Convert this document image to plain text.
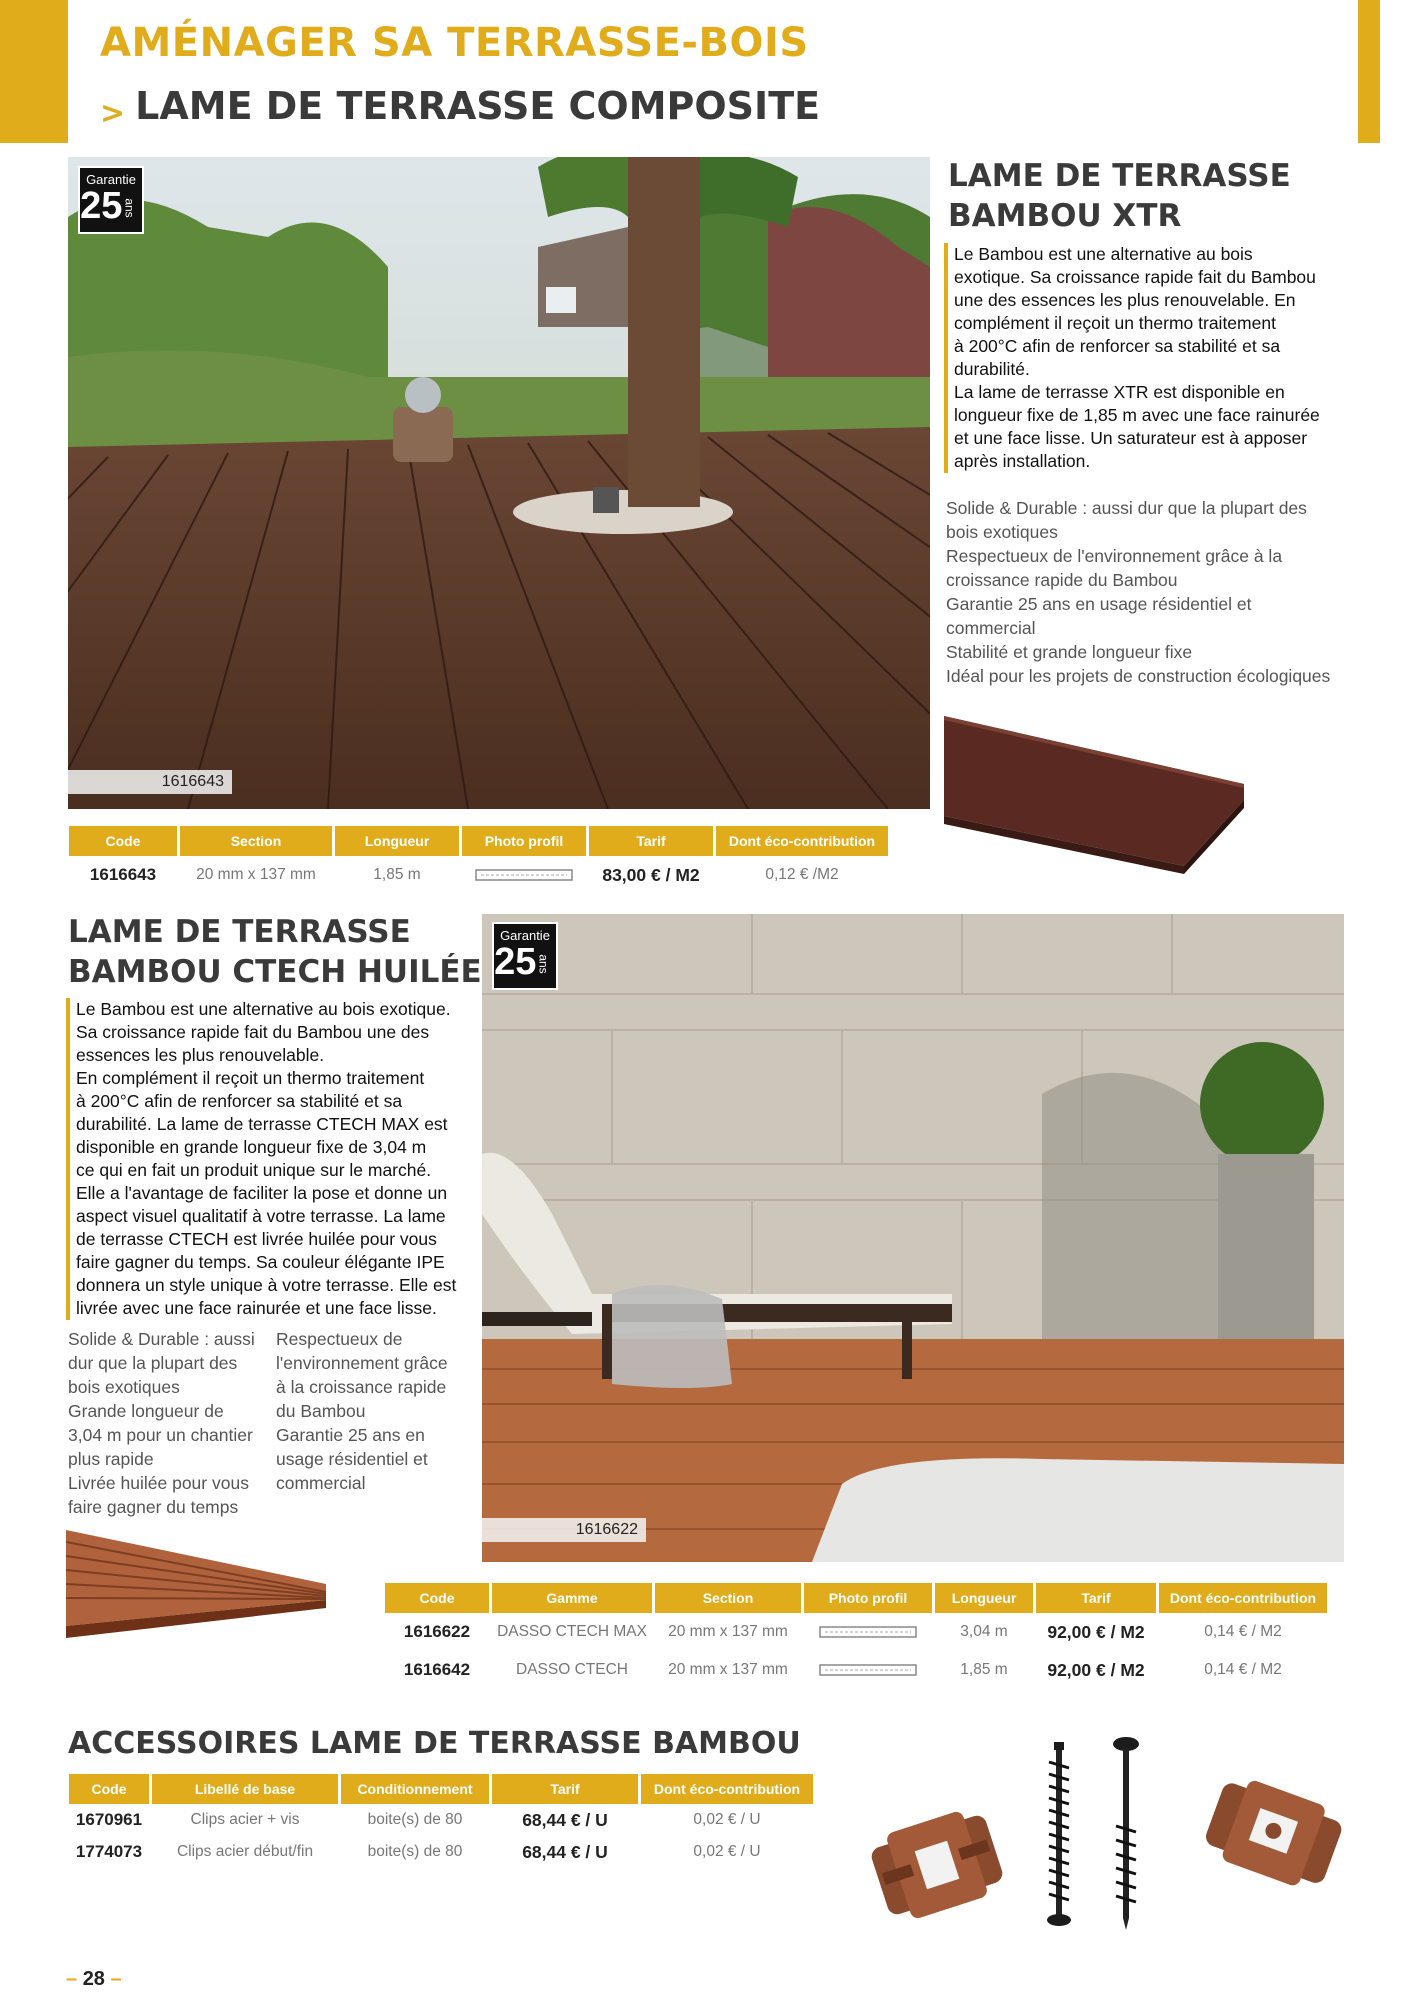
AMÉNAGER SA TERRASSE-BOIS
> LAME DE TERRASSE COMPOSITE
Garantie
25ans
1616643
LAME DE TERRASSE
BAMBOU XTR

Le Bambou est une alternative au bois

exotique. Sa croissance rapide fait du Bambou

une des essences les plus renouvelable. En

complément il reçoit un thermo traitement

à 200°C afin de renforcer sa stabilité et sa

durabilité.

La lame de terrasse XTR est disponible en

longueur fixe de 1,85 m avec une face rainurée

et une face lisse. Un saturateur est à apposer

après installation.

Solide & Durable : aussi dur que la plupart des
bois exotiques
Respectueux de l'environnement grâce à la
croissance rapide du Bambou
Garantie 25 ans en usage résidentiel et
commercial
Stabilité et grande longueur fixe
Idéal pour les projets de construction écologiques
Code	Section	Longueur	Photo profil	Tarif	Dont éco-contribution
1616643	20 mm x 137 mm	1,85 m		83,00 € / M2	0,12 € /M2
LAME DE TERRASSE
BAMBOU CTECH HUILÉE

Le Bambou est une alternative au bois exotique.

Sa croissance rapide fait du Bambou une des

essences les plus renouvelable.

En complément il reçoit un thermo traitement

à 200°C afin de renforcer sa stabilité et sa

durabilité. La lame de terrasse CTECH MAX est

disponible en grande longueur fixe de 3,04 m

ce qui en fait un produit unique sur le marché.

Elle a l'avantage de faciliter la pose et donne un

aspect visuel qualitatif à votre terrasse. La lame

de terrasse CTECH est livrée huilée pour vous

faire gagner du temps. Sa couleur élégante IPE

donnera un style unique à votre terrasse. Elle est

livrée avec une face rainurée et une face lisse.

Solide & Durable : aussi
dur que la plupart des
bois exotiques
Grande longueur de
3,04 m pour un chantier
plus rapide
Livrée huilée pour vous
faire gagner du temps
Respectueux de
l'environnement grâce
à la croissance rapide
du Bambou
Garantie 25 ans en
usage résidentiel et
commercial
Garantie
25ans
1616622
Code	Gamme	Section	Photo profil	Longueur	Tarif	Dont éco-contribution
1616622	DASSO CTECH MAX	20 mm x 137 mm		3,04 m	92,00 € / M2	0,14 € / M2
1616642	DASSO CTECH	20 mm x 137 mm		1,85 m	92,00 € / M2	0,14 € / M2
ACCESSOIRES LAME DE TERRASSE BAMBOU
Code	Libellé de base	Conditionnement	Tarif	Dont éco-contribution
1670961	Clips acier + vis	boite(s) de 80	68,44 € / U	0,02 € / U
1774073	Clips acier début/fin	boite(s) de 80	68,44 € / U	0,02 € / U
– 28 –
